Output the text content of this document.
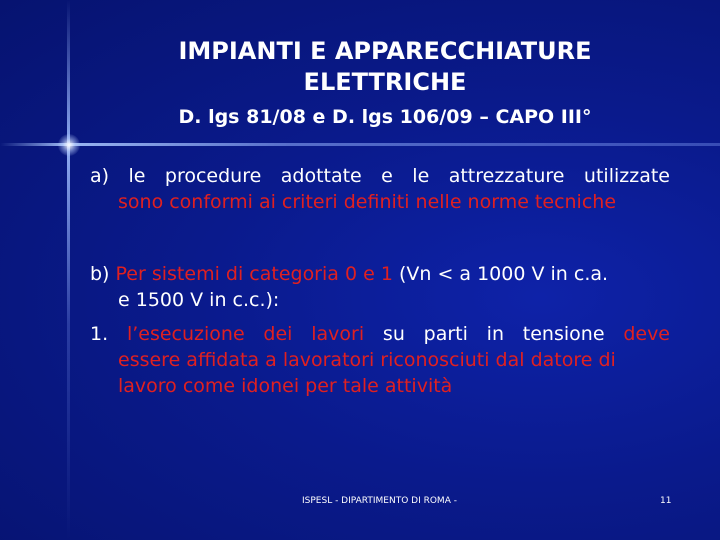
IMPIANTI E APPARECCHIATURE ELETTRICHE
D. lgs 81/08 e D. lgs 106/09 – CAPO III°
a) le procedure adottate e le attrezzature utilizzate
sono conformi ai criteri definiti nelle norme tecniche
b) Per sistemi di categoria 0 e 1 (Vn < a 1000 V in c.a.
e 1500 V in c.c.):
1. l’esecuzione dei lavori su parti in tensione deve
essere affidata a lavoratori riconosciuti dal datore di
lavoro come idonei per tale attività
ISPESL - DIPARTIMENTO DI ROMA -	11
